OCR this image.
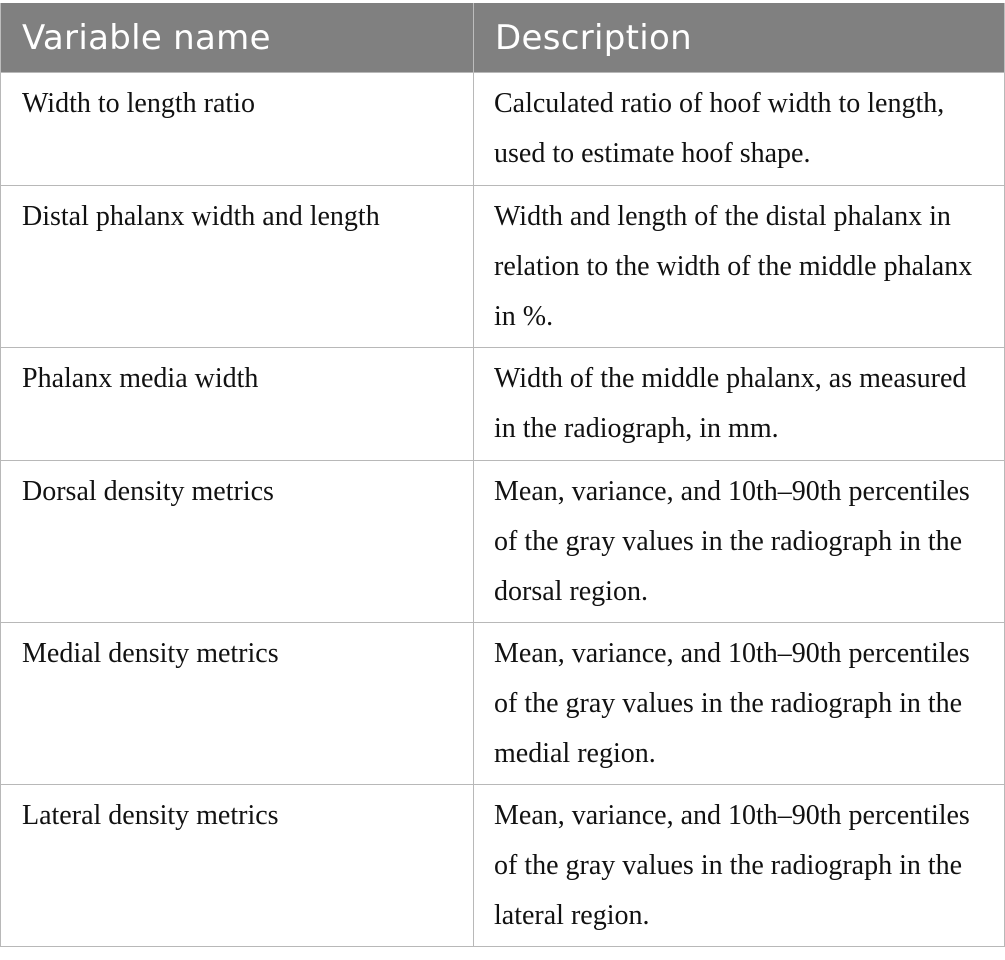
Variable name	Description
Width to length ratio	Calculated ratio of hoof width to length, used to estimate hoof shape.
Distal phalanx width and length	Width and length of the distal phalanx in relation to the width of the middle phalanx in %.
Phalanx media width	Width of the middle phalanx, as measured in the radiograph, in mm.
Dorsal density metrics	Mean, variance, and 10th–90th percentiles of the gray values in the radiograph in the dorsal region.
Medial density metrics	Mean, variance, and 10th–90th percentiles of the gray values in the radiograph in the medial region.
Lateral density metrics	Mean, variance, and 10th–90th percentiles of the gray values in the radiograph in the lateral region.
